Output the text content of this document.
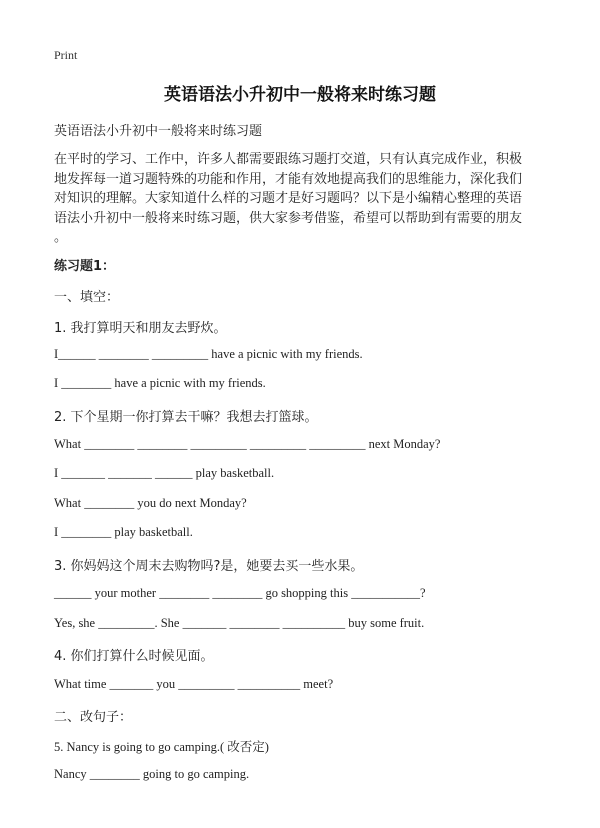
Print
英语语法小升初中一般将来时练习题
英语语法小升初中一般将来时练习题
在平时的学习、工作中，许多人都需要跟练习题打交道，只有认真完成作业，积极
地发挥每一道习题特殊的功能和作用，才能有效地提高我们的思维能力，深化我们
对知识的理解。大家知道什么样的习题才是好习题吗？以下是小编精心整理的英语
语法小升初中一般将来时练习题，供大家参考借鉴，希望可以帮助到有需要的朋友
。
练习题1：
一、填空：
1. 我打算明天和朋友去野炊。
I______ ________ _________ have a picnic with my friends.
I ________ have a picnic with my friends.
2. 下个星期一你打算去干嘛？我想去打篮球。
What ________ ________ _________ _________ _________ next Monday?
I _______ _______ ______ play basketball.
What ________ you do next Monday?
I ________ play basketball.
3. 你妈妈这个周末去购物吗?是，她要去买一些水果。
______ your mother ________ ________ go shopping this ___________?
Yes, she _________. She _______ ________ __________ buy some fruit.
4. 你们打算什么时候见面。
What time _______ you _________ __________ meet?
二、改句子：
5. Nancy is going to go camping.( 改否定)
Nancy ________ going to go camping.
